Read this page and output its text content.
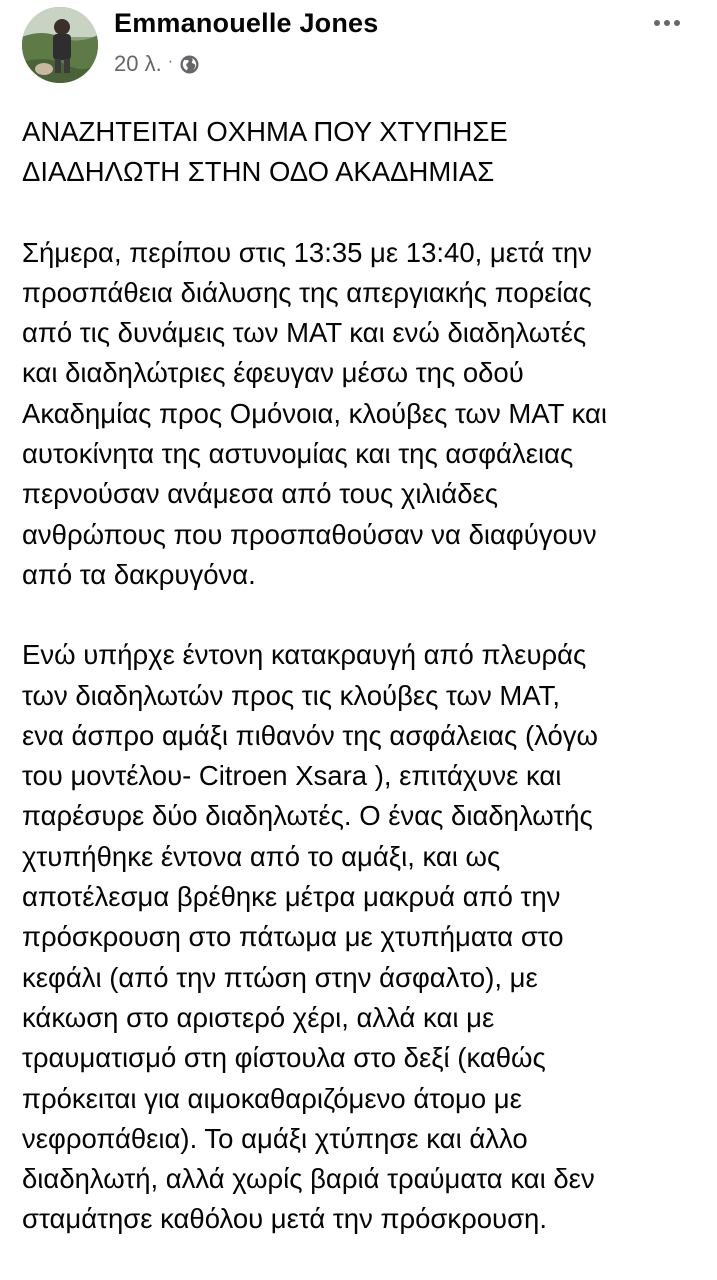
Emmanouelle Jones
20 λ. ·
ΑΝΑΖΗΤΕΙΤΑΙ ΟΧΗΜΑ ΠΟΥ ΧΤΥΠΗΣΕ
ΔΙΑΔΗΛΩΤΗ ΣΤΗΝ ΟΔΟ ΑΚΑΔΗΜΙΑΣ
Σήμερα, περίπου στις 13:35 με 13:40, μετά την
προσπάθεια διάλυσης της απεργιακής πορείας
από τις δυνάμεις των ΜΑΤ και ενώ διαδηλωτές
και διαδηλώτριες έφευγαν μέσω της οδού
Ακαδημίας προς Ομόνοια, κλούβες των ΜΑΤ και
αυτοκίνητα της αστυνομίας και της ασφάλειας
περνούσαν ανάμεσα από τους χιλιάδες
ανθρώπους που προσπαθούσαν να διαφύγουν
από τα δακρυγόνα.
Ενώ υπήρχε έντονη κατακραυγή από πλευράς
των διαδηλωτών προς τις κλούβες των ΜΑΤ,
ενα άσπρο αμάξι πιθανόν της ασφάλειας (λόγω
του μοντέλου- Citroen Xsara ), επιτάχυνε και
παρέσυρε δύο διαδηλωτές. Ο ένας διαδηλωτής
χτυπήθηκε έντονα από το αμάξι, και ως
αποτέλεσμα βρέθηκε μέτρα μακρυά από την
πρόσκρουση στο πάτωμα με χτυπήματα στο
κεφάλι (από την πτώση στην άσφαλτο), με
κάκωση στο αριστερό χέρι, αλλά και με
τραυματισμό στη φίστουλα στο δεξί (καθώς
πρόκειται για αιμοκαθαριζόμενο άτομο με
νεφροπάθεια). Το αμάξι χτύπησε και άλλο
διαδηλωτή, αλλά χωρίς βαριά τραύματα και δεν
σταμάτησε καθόλου μετά την πρόσκρουση.
